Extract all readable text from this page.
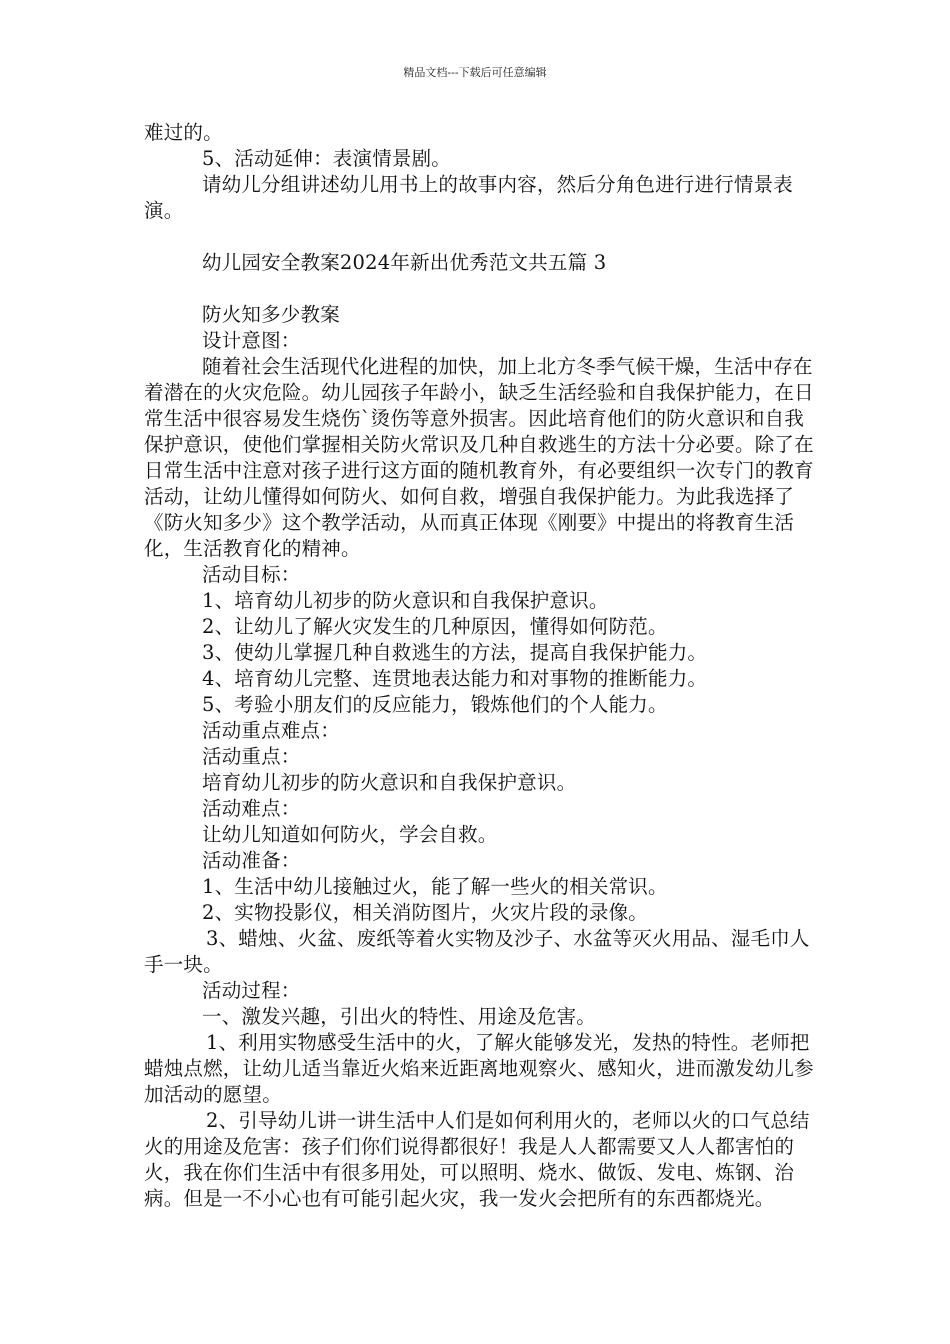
精品文档---下载后可任意编辑

难过的。

5、活动延伸：表演情景剧。

请幼儿分组讲述幼儿用书上的故事内容，然后分角色进行进行情景表演。

幼儿园安全教案2024年新出优秀范文共五篇 3

防火知多少教案

设计意图：

随着社会生活现代化进程的加快，加上北方冬季气候干燥，生活中存在着潜在的火灾危险。幼儿园孩子年龄小，缺乏生活经验和自我保护能力，在日常生活中很容易发生烧伤`烫伤等意外损害。因此培育他们的防火意识和自我保护意识，使他们掌握相关防火常识及几种自救逃生的方法十分必要。除了在日常生活中注意对孩子进行这方面的随机教育外，有必要组织一次专门的教育活动，让幼儿懂得如何防火、如何自救，增强自我保护能力。为此我选择了《防火知多少》这个教学活动，从而真正体现《刚要》中提出的将教育生活化，生活教育化的精神。

活动目标：

1、培育幼儿初步的防火意识和自我保护意识。

2、让幼儿了解火灾发生的几种原因，懂得如何防范。

3、使幼儿掌握几种自救逃生的方法，提高自我保护能力。

4、培育幼儿完整、连贯地表达能力和对事物的推断能力。

5、考验小朋友们的反应能力，锻炼他们的个人能力。

活动重点难点：

活动重点：

培育幼儿初步的防火意识和自我保护意识。

活动难点：

让幼儿知道如何防火，学会自救。

活动准备：

1、生活中幼儿接触过火，能了解一些火的相关常识。

2、实物投影仪，相关消防图片，火灾片段的录像。

3、蜡烛、火盆、废纸等着火实物及沙子、水盆等灭火用品、湿毛巾人手一块。

活动过程：

一、激发兴趣，引出火的特性、用途及危害。

1、利用实物感受生活中的火，了解火能够发光，发热的特性。老师把蜡烛点燃，让幼儿适当靠近火焰来近距离地观察火、感知火，进而激发幼儿参加活动的愿望。

2、引导幼儿讲一讲生活中人们是如何利用火的，老师以火的口气总结火的用途及危害：孩子们你们说得都很好！我是人人都需要又人人都害怕的火，我在你们生活中有很多用处，可以照明、烧水、做饭、发电、炼钢、治病。但是一不小心也有可能引起火灾，我一发火会把所有的东西都烧光。
